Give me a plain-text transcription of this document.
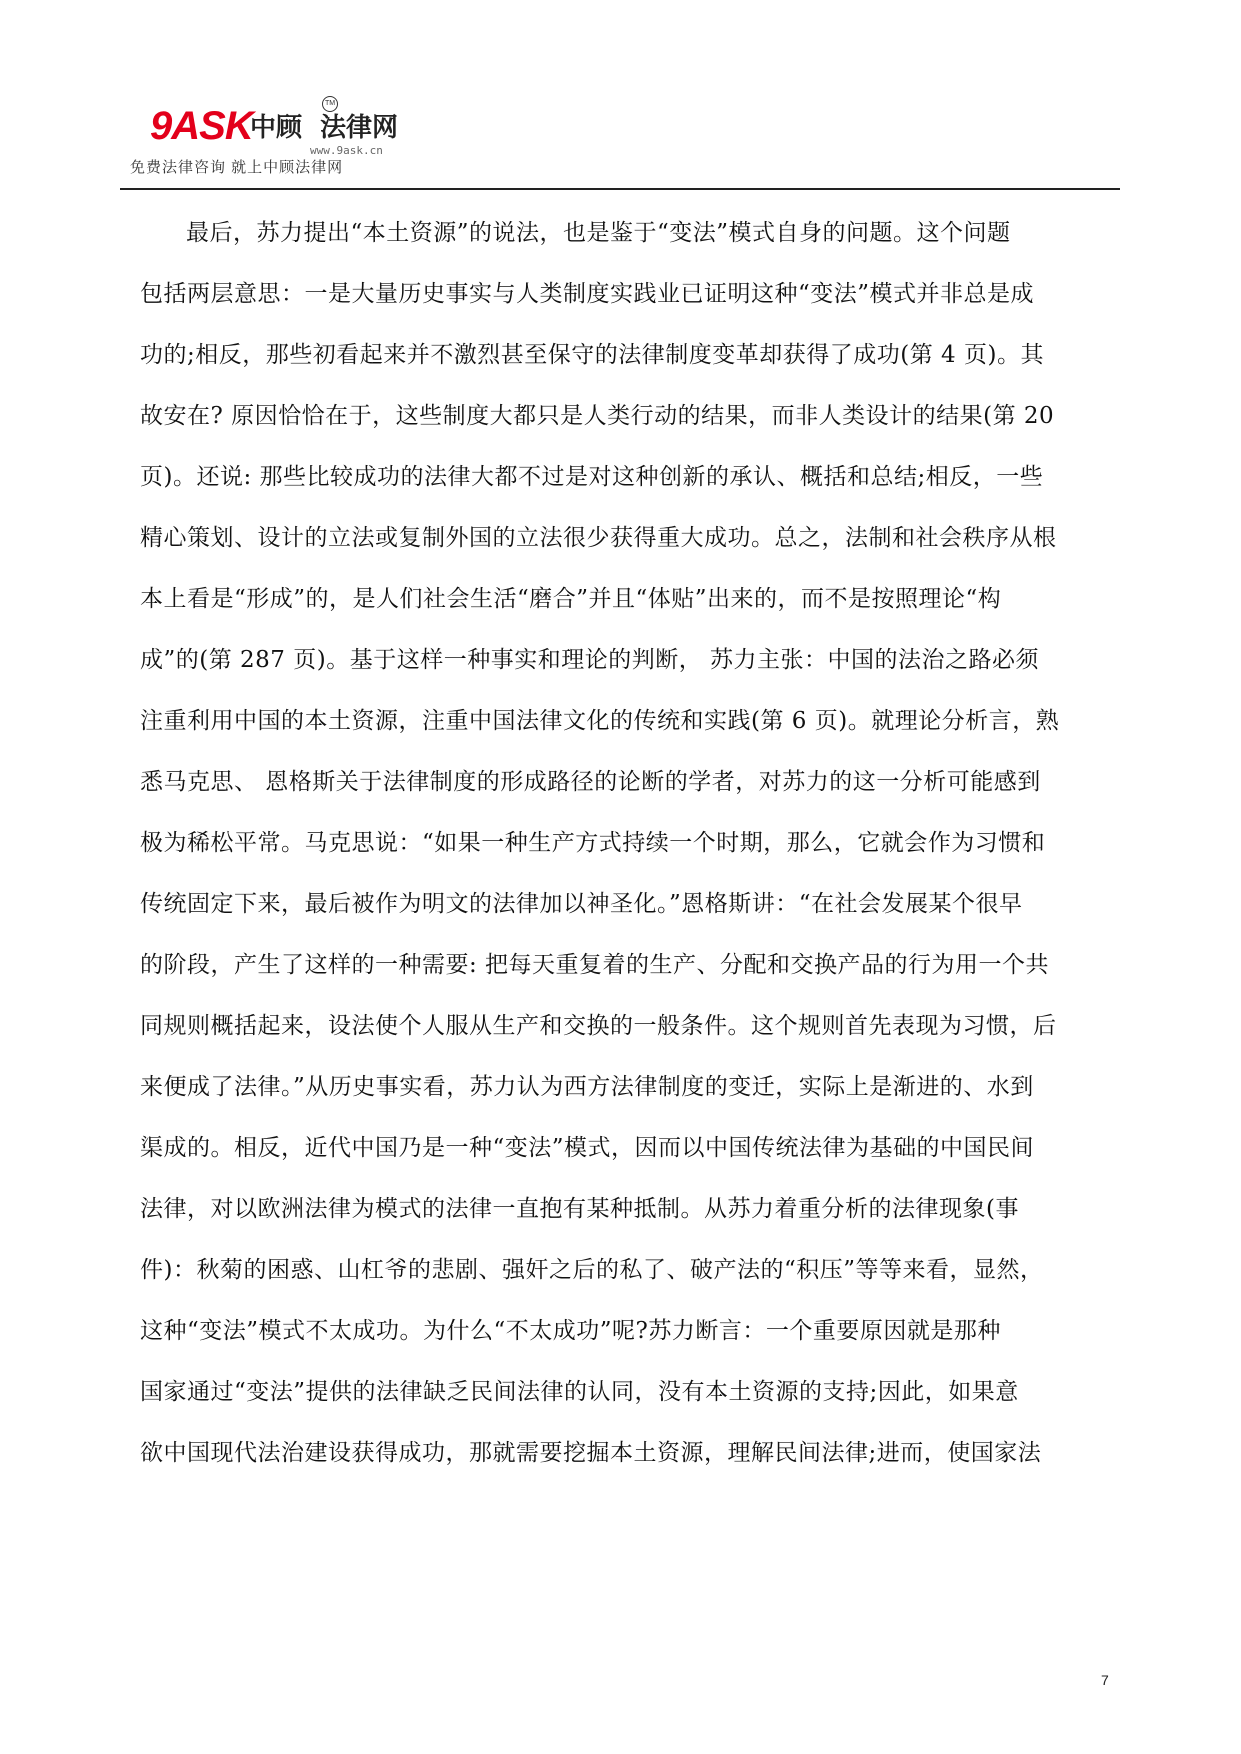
9ASK
中顾 法律网
TM
www.9ask.cn
免费法律咨询 就上中顾法律网
最后，苏力提出“本土资源”的说法，也是鉴于“变法”模式自身的问题。这个问题
包括两层意思：一是大量历史事实与人类制度实践业已证明这种“变法”模式并非总是成
功的;相反，那些初看起来并不激烈甚至保守的法律制度变革却获得了成功(第 4 页)。其
故安在? 原因恰恰在于，这些制度大都只是人类行动的结果，而非人类设计的结果(第 20
页)。还说: 那些比较成功的法律大都不过是对这种创新的承认、概括和总结;相反，一些
精心策划、设计的立法或复制外国的立法很少获得重大成功。总之，法制和社会秩序从根
本上看是“形成”的，是人们社会生活“磨合”并且“体贴”出来的，而不是按照理论“构
成”的(第 287 页)。基于这样一种事实和理论的判断， 苏力主张：中国的法治之路必须
注重利用中国的本土资源，注重中国法律文化的传统和实践(第 6 页)。就理论分析言，熟
悉马克思、 恩格斯关于法律制度的形成路径的论断的学者，对苏力的这一分析可能感到
极为稀松平常。马克思说：“如果一种生产方式持续一个时期，那么，它就会作为习惯和
传统固定下来，最后被作为明文的法律加以神圣化。”恩格斯讲：“在社会发展某个很早
的阶段，产生了这样的一种需要: 把每天重复着的生产、分配和交换产品的行为用一个共
同规则概括起来，设法使个人服从生产和交换的一般条件。这个规则首先表现为习惯，后
来便成了法律。”从历史事实看，苏力认为西方法律制度的变迁，实际上是渐进的、水到
渠成的。相反，近代中国乃是一种“变法”模式，因而以中国传统法律为基础的中国民间
法律，对以欧洲法律为模式的法律一直抱有某种抵制。从苏力着重分析的法律现象(事
件)：秋菊的困惑、山杠爷的悲剧、强奸之后的私了、破产法的“积压”等等来看，显然，
这种“变法”模式不太成功。为什么“不太成功”呢?苏力断言：一个重要原因就是那种
国家通过“变法”提供的法律缺乏民间法律的认同，没有本土资源的支持;因此，如果意
欲中国现代法治建设获得成功，那就需要挖掘本土资源，理解民间法律;进而，使国家法
7
